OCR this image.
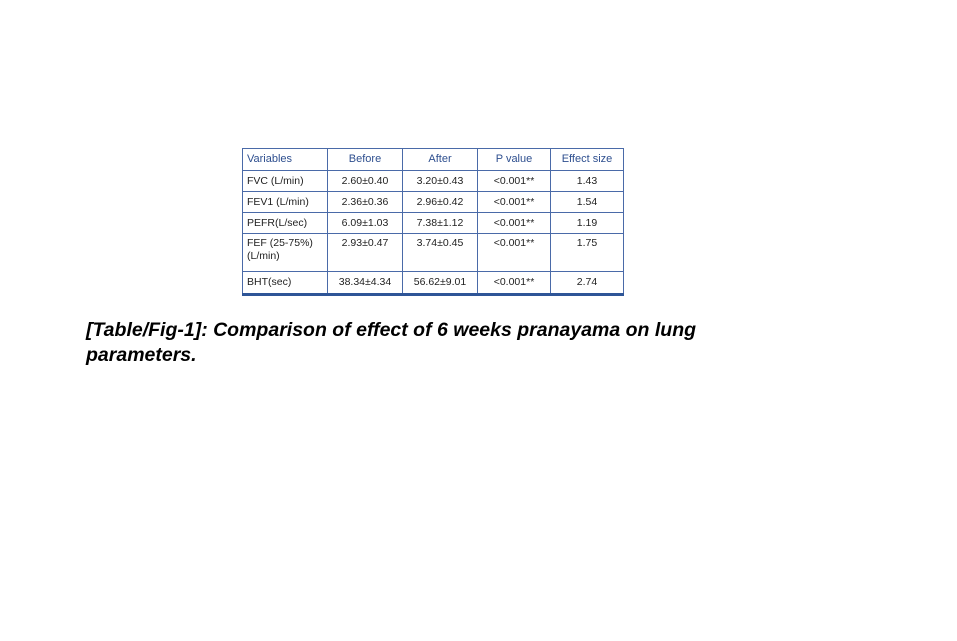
Variables	Before	After	P value	Effect size
FVC (L/min)	2.60±0.40	3.20±0.43	<0.001**	1.43
FEV1 (L/min)	2.36±0.36	2.96±0.42	<0.001**	1.54
PEFR(L/sec)	6.09±1.03	7.38±1.12	<0.001**	1.19
FEF (25-75%) (L/min)	2.93±0.47	3.74±0.45	<0.001**	1.75
BHT(sec)	38.34±4.34	56.62±9.01	<0.001**	2.74

[Table/Fig-1]: Comparison of effect of 6 weeks pranayama on lung parameters.
